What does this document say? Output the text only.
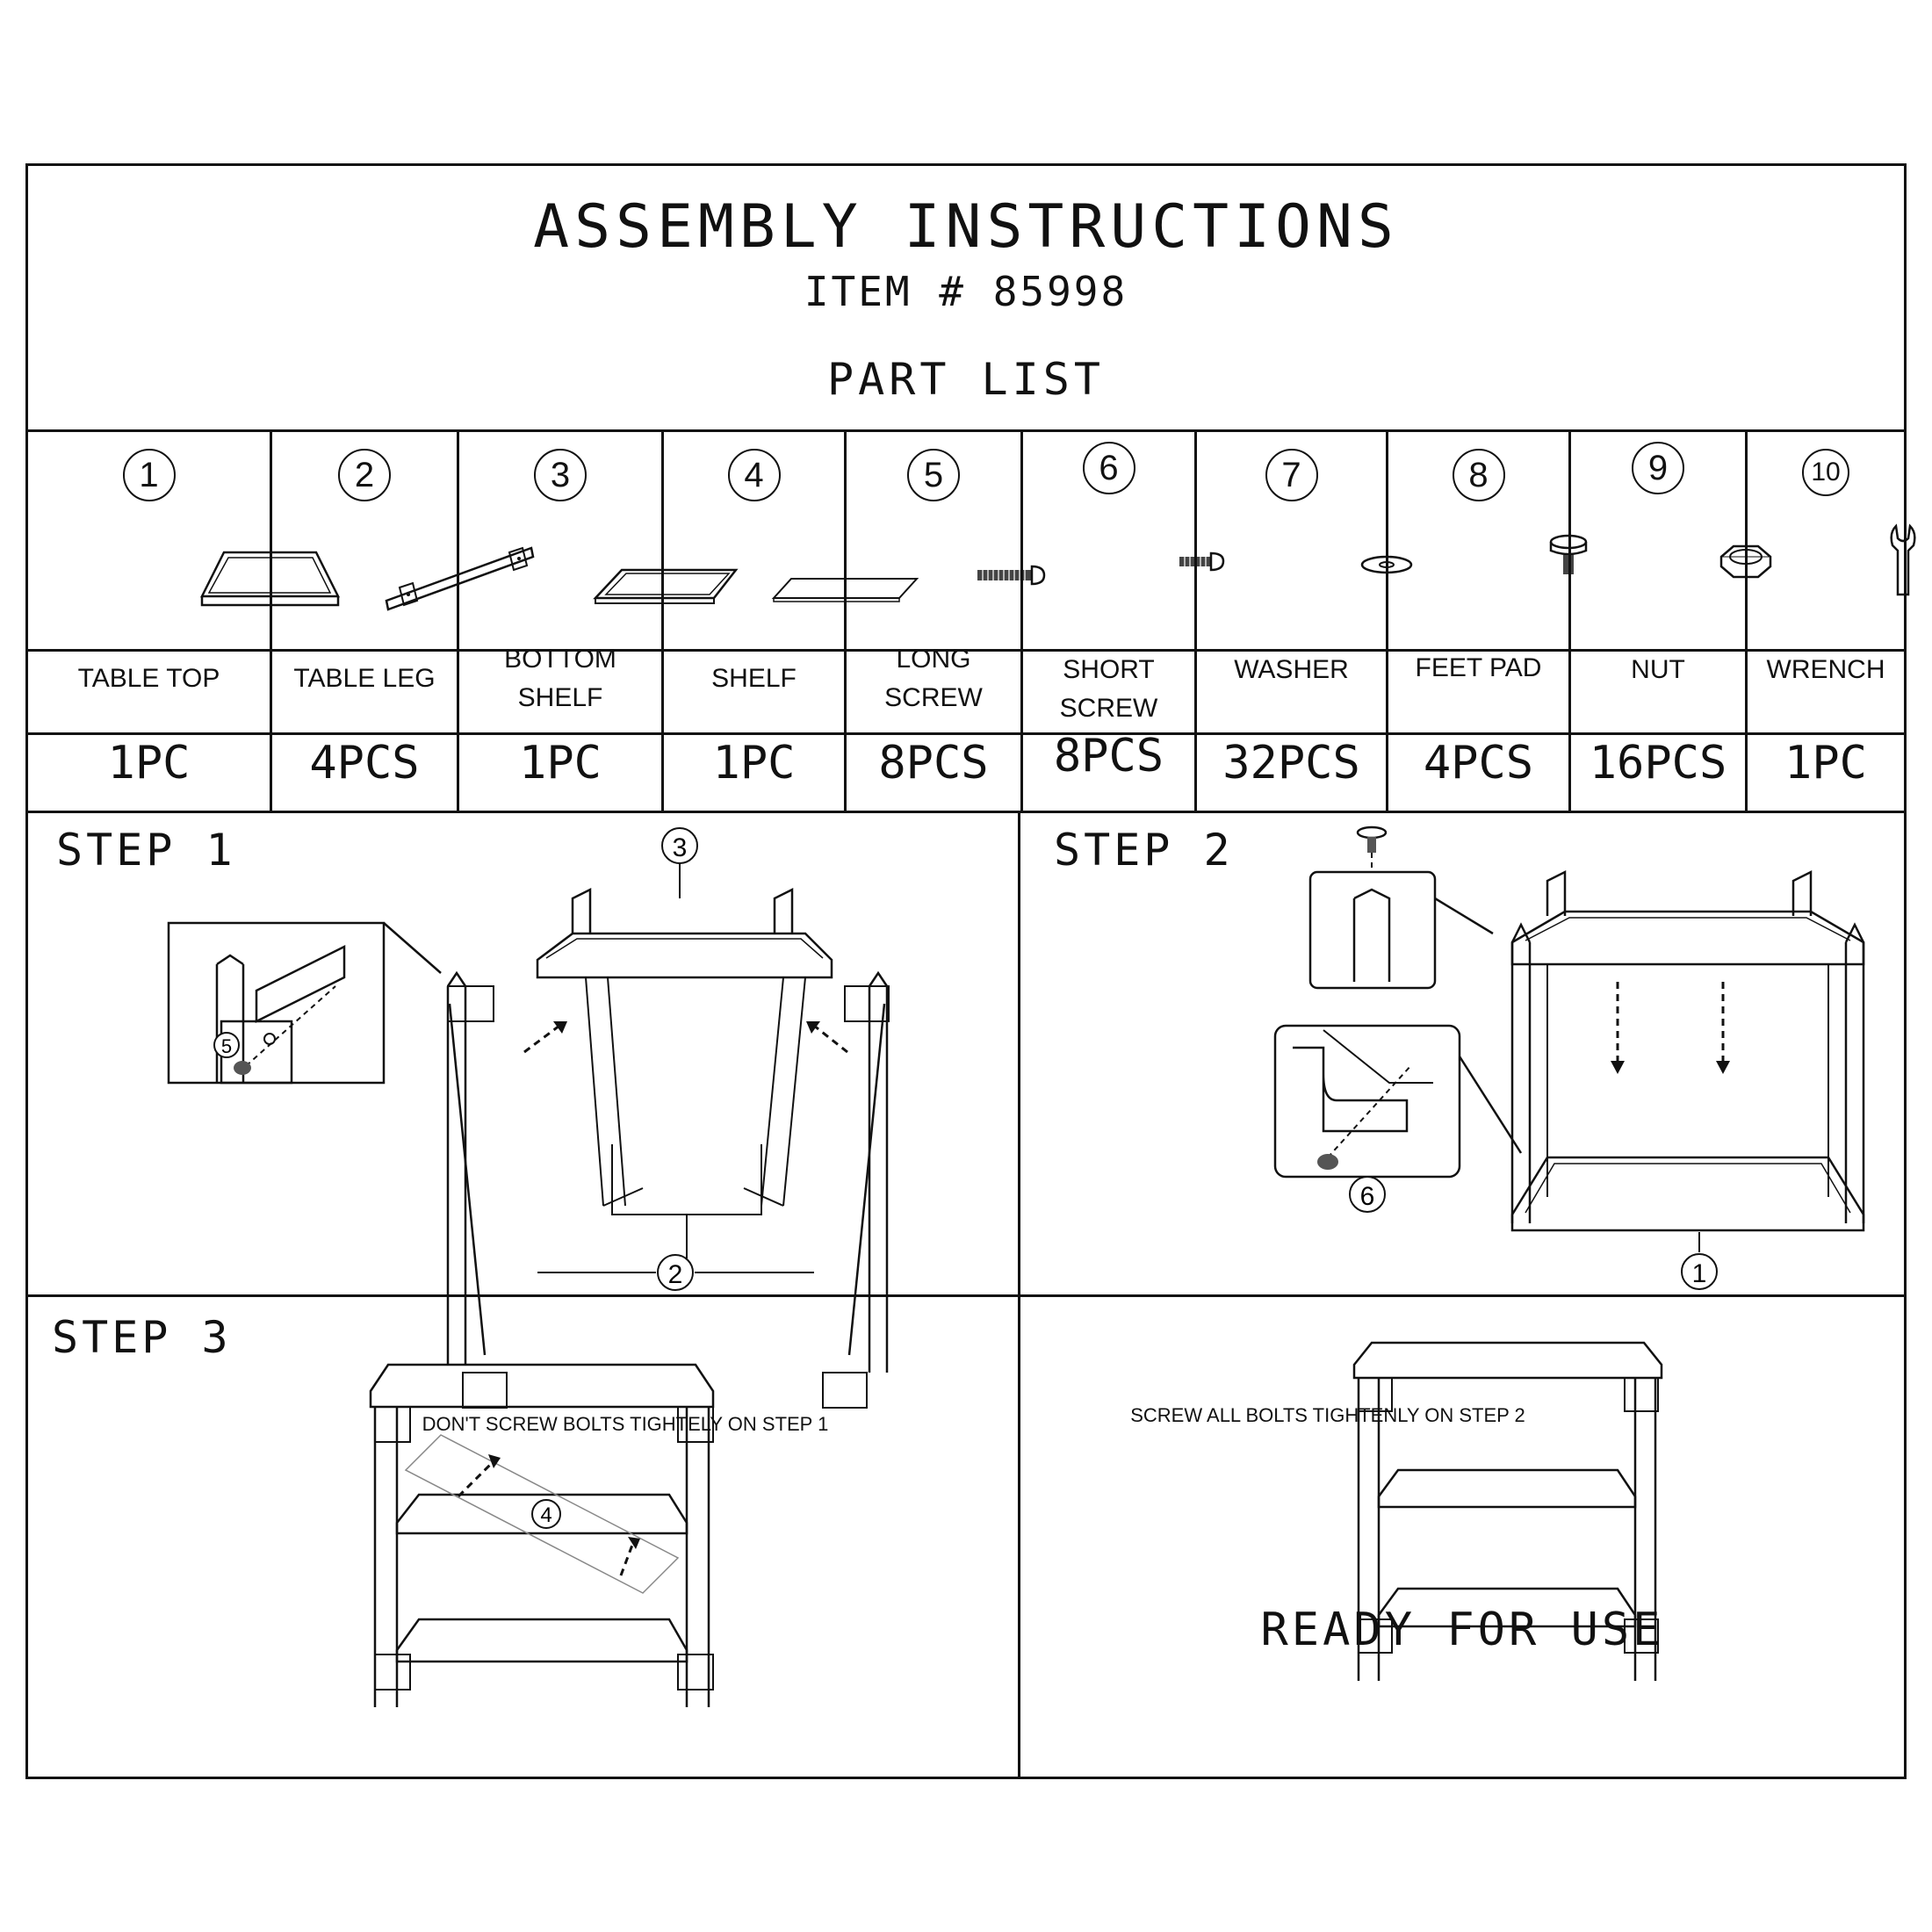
ASSEMBLY INSTRUCTIONS
ITEM # 85998
PART LIST
1
TABLE TOP
1PC
2
TABLE LEG
4PCS
3
BOTTOM SHELF
1PC
4
SHELF
1PC
5
LONG SCREW
8PCS
6
SHORT SCREW
8PCS
7
WASHER
32PCS
8
FEET PAD
4PCS
9
NUT
16PCS
10
WRENCH
1PC
STEP 1
5
3
2
DON'T SCREW BOLTS TIGHTELY ON STEP 1
STEP 2
6
1
SCREW ALL BOLTS TIGHTENLY ON STEP 2
STEP 3
4
READY FOR USE
